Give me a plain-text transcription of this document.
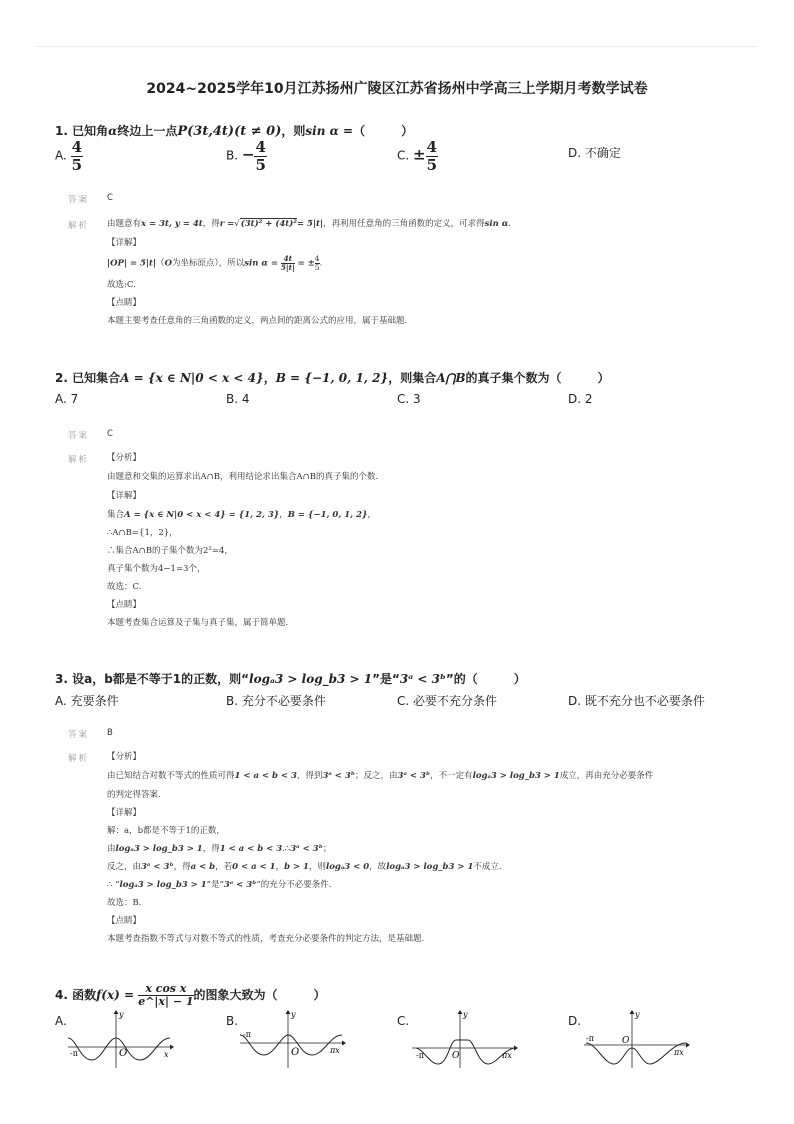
2024~2025学年10月江苏扬州广陵区江苏省扬州中学高三上学期月考数学试卷
1. 已知角α终边上一点P(3t,4t)(t ≠ 0)，则sin α =（　　　）
A. $\frac{4}{5}$	B. − $\frac{4}{5}$	C. ± $\frac{4}{5}$	D. 不确定
答案 C
解析 由题意有x = 3t, y = 4t，得r =√(3t)² + (4t)²= 5|t|，再利用任意角的三角函数的定义，可求得sin α.
【详解】
|OP| = 5|t|（O为坐标原点），所以$\sin \alpha = \frac{4t}{5|t|}$ = ± $\frac{4}{5}$ .
故选:C.
【点睛】
本题主要考查任意角的三角函数的定义，两点间的距离公式的应用，属于基础题.
2. 已知集合A = {x ∈ N|0 < x < 4}，B = {−1, 0, 1, 2}，则集合A⋂B的真子集个数为（　　　）
A. 7	B. 4	C. 3	D. 2
答案 C
解析 【分析】
由题意和交集的运算求出A∩B，利用结论求出集合A∩B的真子集的个数.
【详解】
集合A = {x ∈ N|0 < x < 4} = {1, 2, 3}，B = {−1, 0, 1, 2}，
∴A∩B={1，2}，
∴集合A∩B的子集个数为2²=4，
真子集个数为4−1=3个，
故选：C.
【点睛】
本题考查集合运算及子集与真子集，属于简单题.
3. 设a，b都是不等于1的正数，则“logₐ3 > log_b3 > 1”是“3ᵃ < 3ᵇ”的（　　　）
A. 充要条件	B. 充分不必要条件	C. 必要不充分条件	D. 既不充分也不必要条件
答案 B
解析 【分析】
由已知结合对数不等式的性质可得1 < a < b < 3，得到3ᵃ < 3ᵇ；反之，由3ᵃ < 3ᵇ，不一定有logₐ3 > log_b3 > 1成立，再由充分必要条件
的判定得答案.
【详解】
解：a，b都是不等于1的正数，
由logₐ3 > log_b3 > 1，得1 < a < b < 3.∴3ᵃ < 3ᵇ；
反之，由3ᵃ < 3ᵇ，得a < b，若0 < a < 1，b > 1，则logₐ3 < 0，故logₐ3 > log_b3 > 1不成立.
∴ “logₐ3 > log_b3 > 1”是“3ᵃ < 3ᵇ”的充分不必要条件.
故选：B.
【点睛】
本题考查指数不等式与对数不等式的性质，考查充分必要条件的判定方法，是基础题.
4. 函数$f(x) = \frac{\text{x cos x}}{e\^{}|x| - 1}$ 的图象大致为（　　　）
A.
-π
y
O	x
B.
-π
y
O	πx
C.
-π
y
O	πx
D.
-π
y
O
πx
